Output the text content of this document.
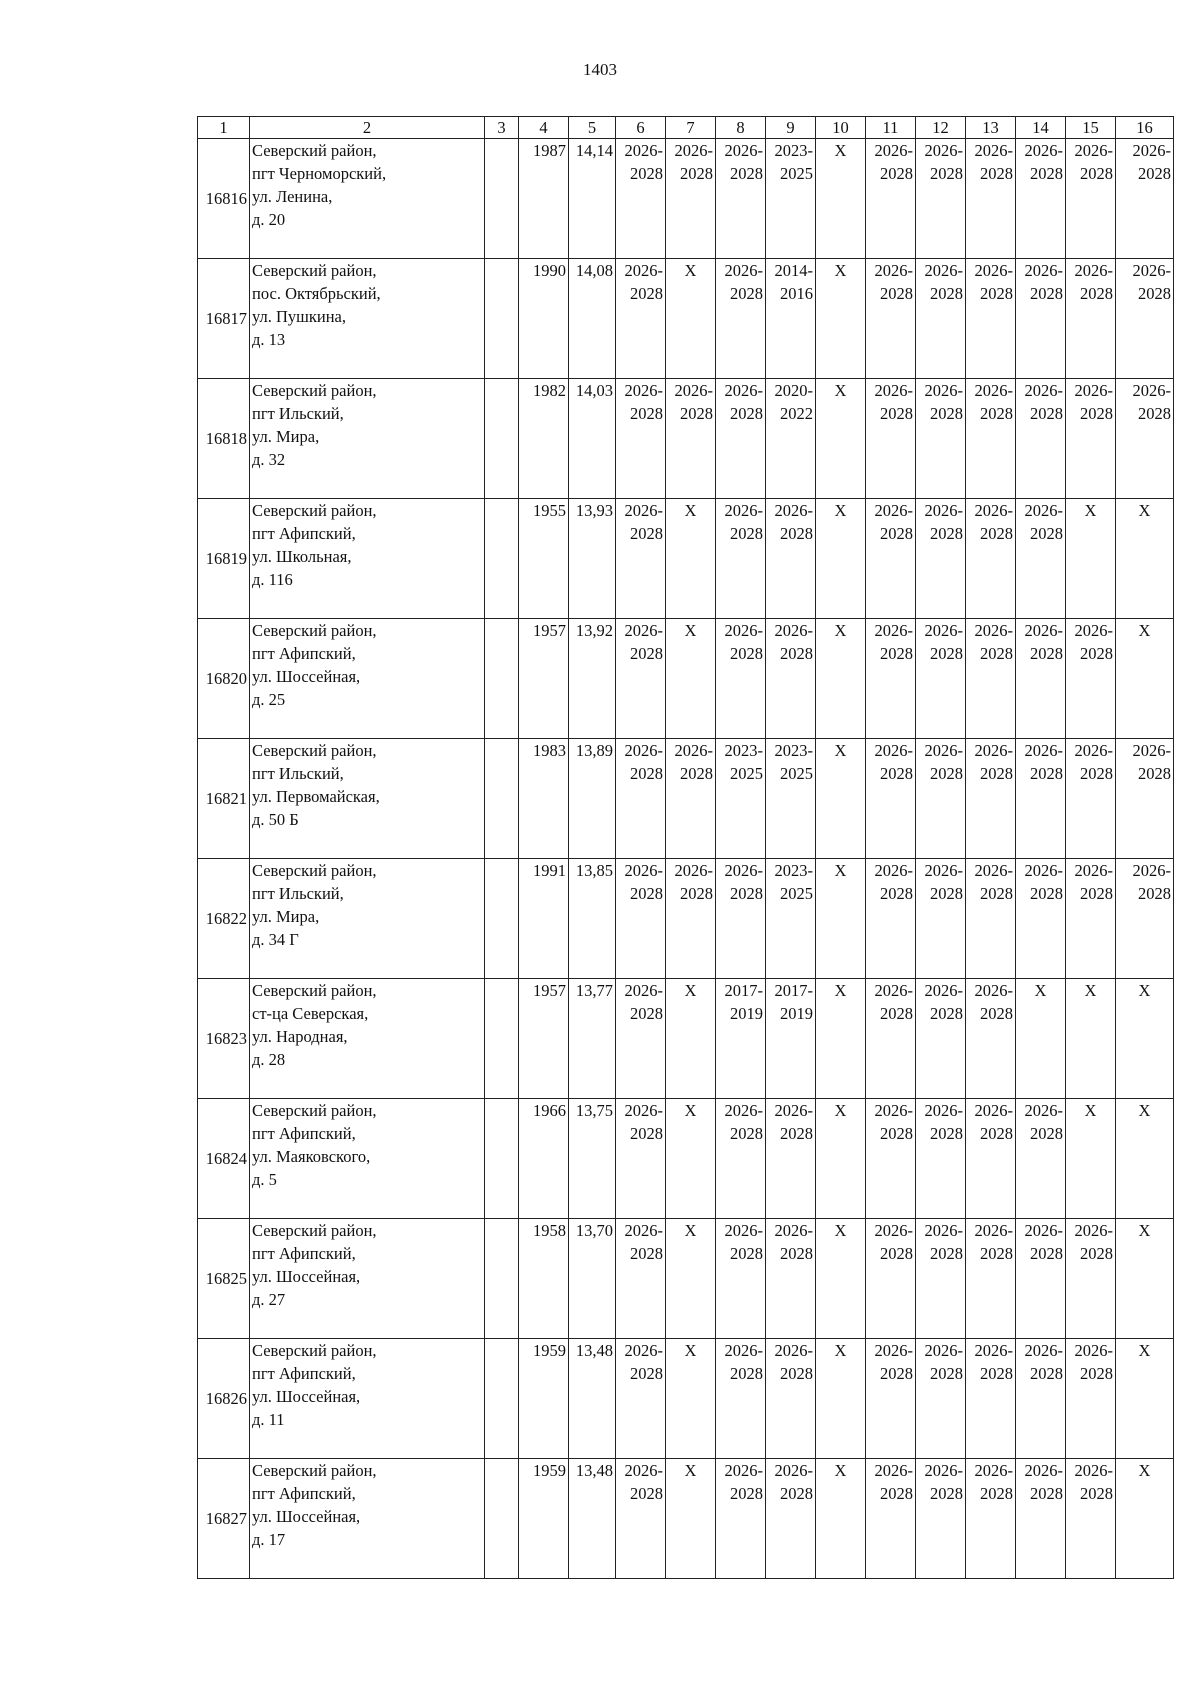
1403
1	2	3	4	5	6	7	8	9	10	11	12	13	14	15	16
16816	Северский район,
пгт Черноморский,
ул. Ленина,
д. 20		1987	14,14	2026-
2028	2026-
2028	2026-
2028	2023-
2025	X	2026-
2028	2026-
2028	2026-
2028	2026-
2028	2026-
2028	2026-
2028

16817	Северский район,
пос. Октябрьский,
ул. Пушкина,
д. 13		1990	14,08	2026-
2028	X	2026-
2028	2014-
2016	X	2026-
2028	2026-
2028	2026-
2028	2026-
2028	2026-
2028	2026-
2028

16818	Северский район,
пгт Ильский,
ул. Мира,
д. 32		1982	14,03	2026-
2028	2026-
2028	2026-
2028	2020-
2022	X	2026-
2028	2026-
2028	2026-
2028	2026-
2028	2026-
2028	2026-
2028

16819	Северский район,
пгт Афипский,
ул. Школьная,
д. 116		1955	13,93	2026-
2028	X	2026-
2028	2026-
2028	X	2026-
2028	2026-
2028	2026-
2028	2026-
2028	X	X
16820	Северский район,
пгт Афипский,
ул. Шоссейная,
д. 25		1957	13,92	2026-
2028	X	2026-
2028	2026-
2028	X	2026-
2028	2026-
2028	2026-
2028	2026-
2028	2026-
2028	X
16821	Северский район,
пгт Ильский,
ул. Первомайская,
д. 50 Б		1983	13,89	2026-
2028	2026-
2028	2023-
2025	2023-
2025	X	2026-
2028	2026-
2028	2026-
2028	2026-
2028	2026-
2028	2026-
2028

16822	Северский район,
пгт Ильский,
ул. Мира,
д. 34 Г		1991	13,85	2026-
2028	2026-
2028	2026-
2028	2023-
2025	X	2026-
2028	2026-
2028	2026-
2028	2026-
2028	2026-
2028	2026-
2028

16823	Северский район,
ст-ца Северская,
ул. Народная,
д. 28		1957	13,77	2026-
2028	X	2017-
2019	2017-
2019	X	2026-
2028	2026-
2028	2026-
2028	X	X	X
16824	Северский район,
пгт Афипский,
ул. Маяковского,
д. 5		1966	13,75	2026-
2028	X	2026-
2028	2026-
2028	X	2026-
2028	2026-
2028	2026-
2028	2026-
2028	X	X
16825	Северский район,
пгт Афипский,
ул. Шоссейная,
д. 27		1958	13,70	2026-
2028	X	2026-
2028	2026-
2028	X	2026-
2028	2026-
2028	2026-
2028	2026-
2028	2026-
2028	X
16826	Северский район,
пгт Афипский,
ул. Шоссейная,
д. 11		1959	13,48	2026-
2028	X	2026-
2028	2026-
2028	X	2026-
2028	2026-
2028	2026-
2028	2026-
2028	2026-
2028	X
16827	Северский район,
пгт Афипский,
ул. Шоссейная,
д. 17		1959	13,48	2026-
2028	X	2026-
2028	2026-
2028	X	2026-
2028	2026-
2028	2026-
2028	2026-
2028	2026-
2028	X
